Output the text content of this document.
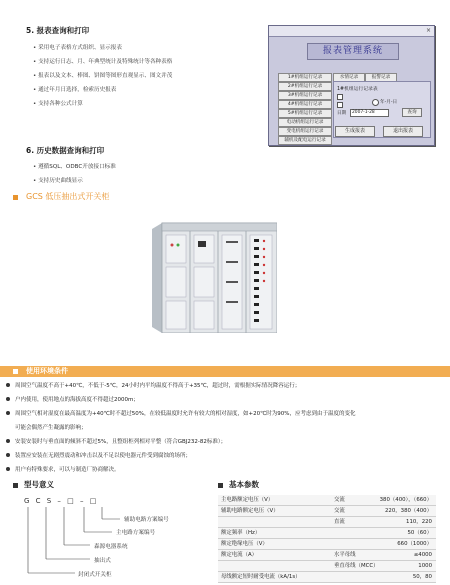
5. 报表查询和打印
• 采用电子表格方式组织、显示报表
• 支持运行日志、月、年典型统计及特殊统计等各种表格
• 报表以及文本、棒图、饼图等图形直观显示、图文并茂
• 通过年月日选择，检索历史报表
• 支持各种公式计算
×
报表管理系统
1#机组运行记录
2#机组运行记录
3#机组运行记录
4#机组运行记录
5#机组运行记录
电动机组运行记录
变电机组运行记录
辅机及配电运行记录
水情记录	报警记录
1#机组运行记录表
年-月-日
日期	2007-1-28	查询
生成报表	退出报表
6. 历史数据查询和打印
• 遵循SQL、ODBC开放接口标准
• 支持历史曲线显示
GCS 低压抽出式开关柜
使用环境条件
周围空气温度不高于+40℃，不低于-5℃，24小时内平均温度不得高于+35℃，超过时，需根据实际情况降容运行；
户内使用，使用地点的海拔高度不得超过2000m；
周围空气相对湿度在最高温度为+40℃时不超过50%，在较低温度时允许有较大的相对湿度，如+20℃时为90%，应考虑到由于温度的变化
可能会偶然产生凝露的影响；
安装安装时与垂直面的倾斜不超过5%，且整组柜列相对平整（符合GBJ232-82标准）；
装置应安装在无剧烈震动和冲击以及不足以使电器元件受到腐蚀的场所；
用户有特殊要求，可以与制造厂协商解决。
型号意义
G C S – □ – □
辅助电路方案编号
主电路方案编号
森源电器系统
抽出式
封闭式开关柜
基本参数
主电路额定电压（V）	交流	380（400），（660）
辅助电路额定电压（V）	交流	220，380（400）
直流	110，220
额定频率（Hz）	50（60）
额定绝缘电压（V）	660（1000）
额定电流（A）	水平母线	≤4000
垂直母线（MCC）	1000
母线额定短时耐受电流（kA/1s）	50，80
